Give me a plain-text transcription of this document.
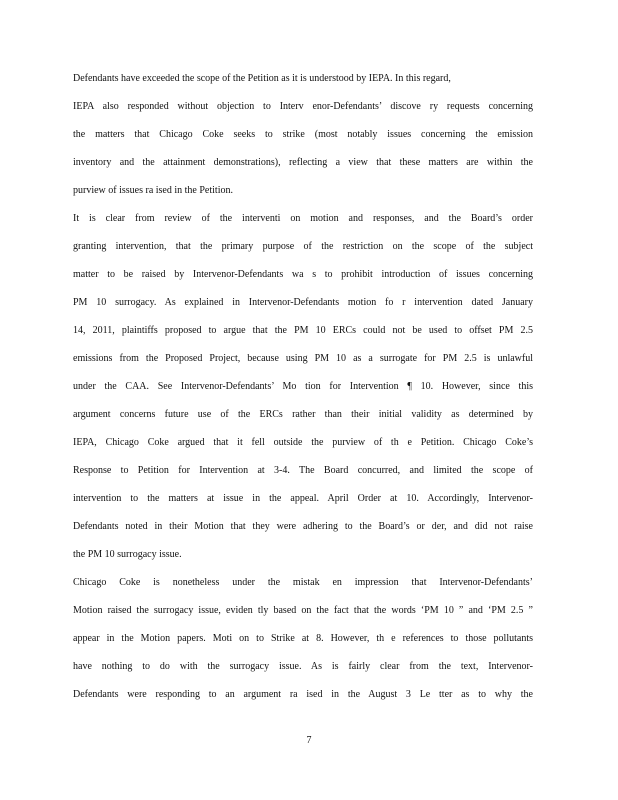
Defendants have exceeded the scope of the Petition as it is understood by IEPA. In this regard,
IEPA also responded without objection to Interv enor-Defendants’ discove ry requests concerning
the matters that Chicago Coke seeks to strike (most notably issues concerning the emission
inventory and the attainment demonstrations), reflecting a view that these matters are within the
purview of issues ra ised in the Petition.
It is clear from review of the interventi on motion and responses, and the Board’s order
granting intervention, that the primary purpose of the restriction on the scope of the subject
matter to be raised by Intervenor-Defendants wa s to prohibit introduction of issues concerning
PM 10 surrogacy. As explained in Intervenor-Defendants motion fo r intervention dated January
14, 2011, plaintiffs proposed to argue that the PM 10 ERCs could not be used to offset PM 2.5
emissions from the Proposed Project, because using PM 10 as a surrogate for PM 2.5 is unlawful
under the CAA. See Intervenor-Defendants’ Mo tion for Intervention ¶ 10. However, since this
argument concerns future use of the ERCs rather than their initial validity as determined by
IEPA, Chicago Coke argued that it fell outside the purview of th e Petition. Chicago Coke’s
Response to Petition for Intervention at 3-4. The Board concurred, and limited the scope of
intervention to the matters at issue in the appeal. April Order at 10. Accordingly, Intervenor-
Defendants noted in their Motion that they were adhering to the Board’s or der, and did not raise
the PM 10 surrogacy issue.
Chicago Coke is nonetheless under the mistak en impression that Intervenor-Defendants’
Motion raised the surrogacy issue, eviden tly based on the fact that the words ‘PM 10 ” and ‘PM 2.5 ”
appear in the Motion papers. Moti on to Strike at 8. However, th e references to those pollutants
have nothing to do with the surrogacy issue. As is fairly clear from the text, Intervenor-
Defendants were responding to an argument ra ised in the August 3 Le tter as to why the
7
